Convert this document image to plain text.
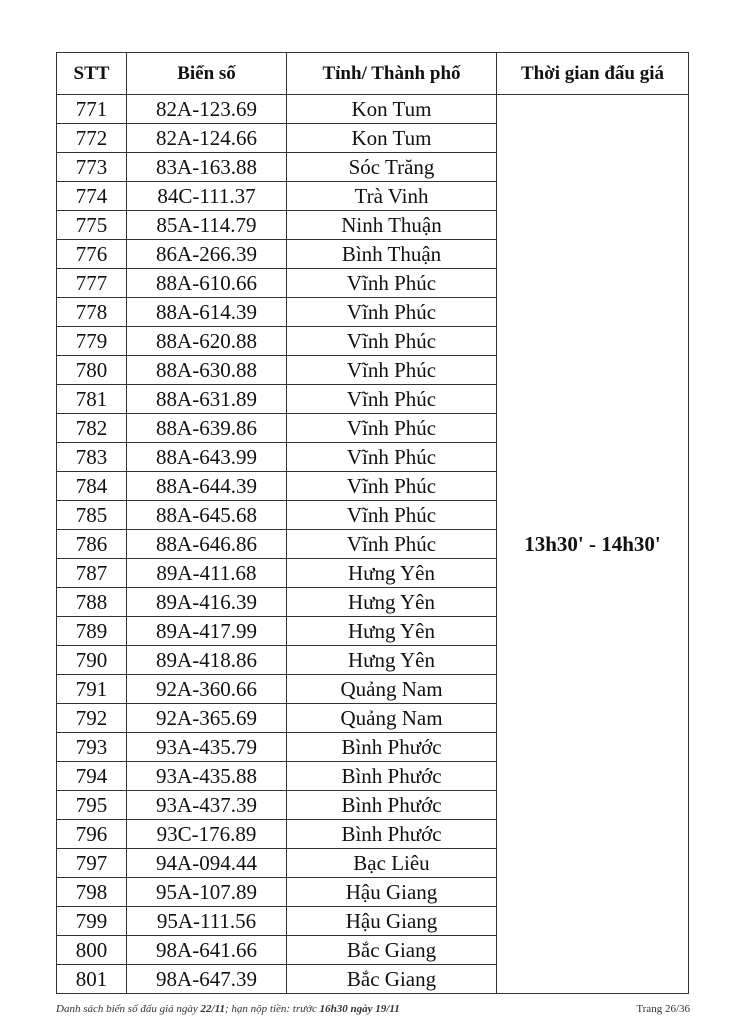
STT	Biển số	Tỉnh/ Thành phố	Thời gian đấu giá
771	82A-123.69	Kon Tum	13h30' - 14h30'
772	82A-124.66	Kon Tum	
773	83A-163.88	Sóc Trăng	
774	84C-111.37	Trà Vinh	
775	85A-114.79	Ninh Thuận	
776	86A-266.39	Bình Thuận	
777	88A-610.66	Vĩnh Phúc	
778	88A-614.39	Vĩnh Phúc	
779	88A-620.88	Vĩnh Phúc	
780	88A-630.88	Vĩnh Phúc	
781	88A-631.89	Vĩnh Phúc	
782	88A-639.86	Vĩnh Phúc	
783	88A-643.99	Vĩnh Phúc	
784	88A-644.39	Vĩnh Phúc	
785	88A-645.68	Vĩnh Phúc	
786	88A-646.86	Vĩnh Phúc	
787	89A-411.68	Hưng Yên	
788	89A-416.39	Hưng Yên	
789	89A-417.99	Hưng Yên	
790	89A-418.86	Hưng Yên	
791	92A-360.66	Quảng Nam	
792	92A-365.69	Quảng Nam	
793	93A-435.79	Bình Phước	
794	93A-435.88	Bình Phước	
795	93A-437.39	Bình Phước	
796	93C-176.89	Bình Phước	
797	94A-094.44	Bạc Liêu	
798	95A-107.89	Hậu Giang	
799	95A-111.56	Hậu Giang	
800	98A-641.66	Bắc Giang	
801	98A-647.39	Bắc Giang	
Danh sách biển số đấu giá ngày 22/11; hạn nộp tiền: trước 16h30 ngày 19/11	Trang 26/36
